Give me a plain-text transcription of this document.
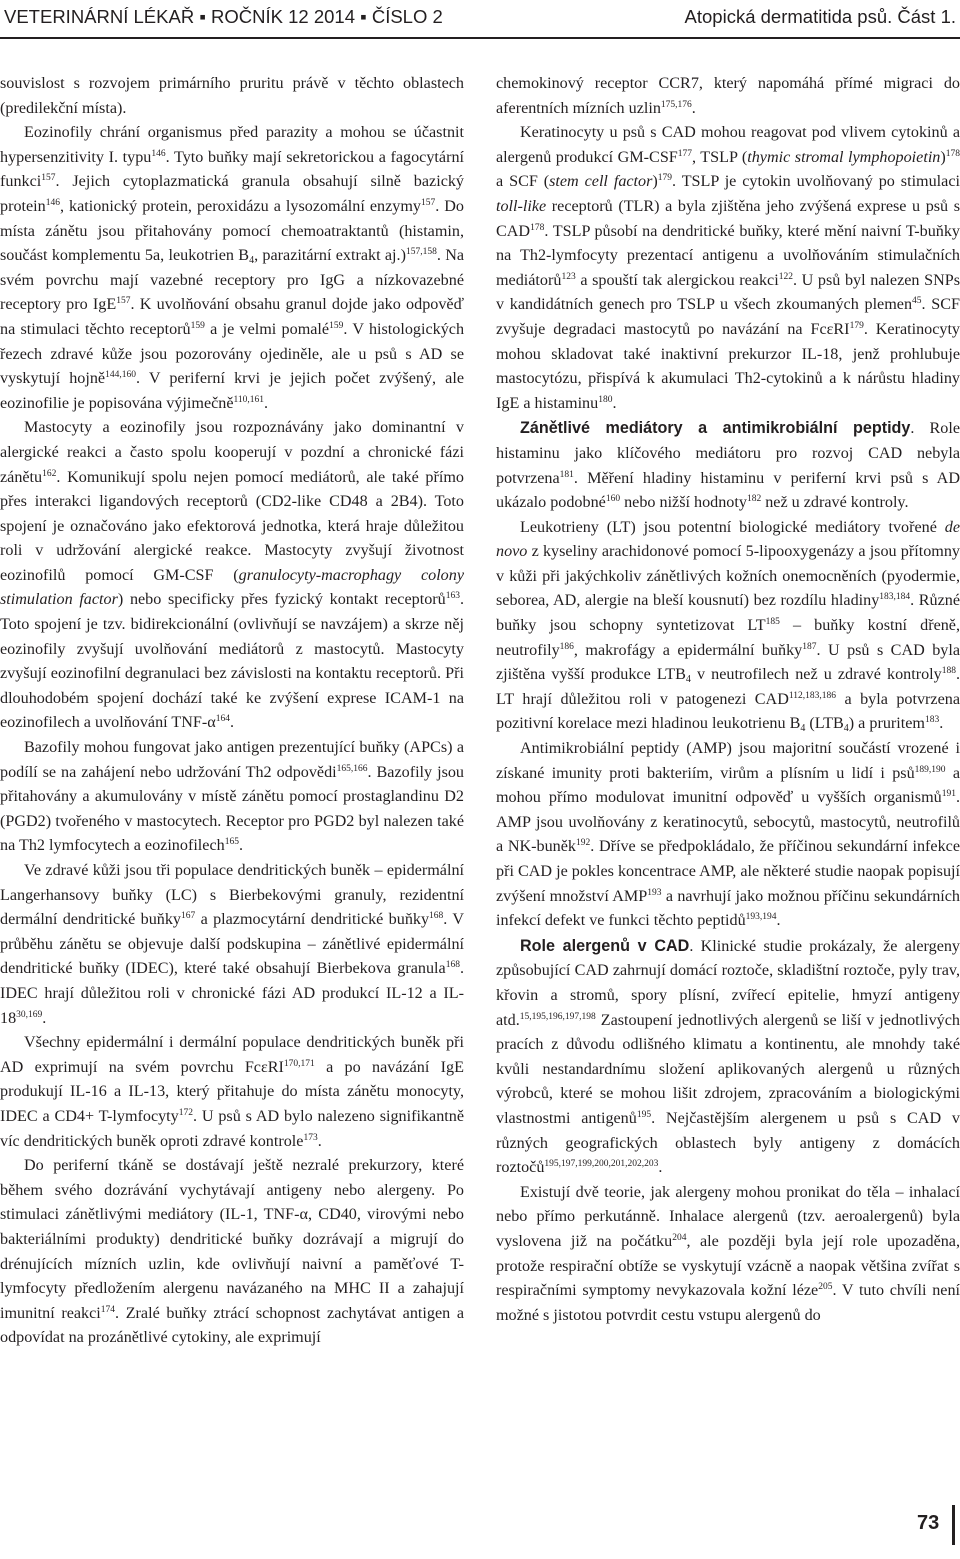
VETERINÁRNÍ LÉKAŘ ▪ ROČNÍK 12 2014 ▪ ČÍSLO 2	Atopická dermatitida psů. Část 1.

souvislost s rozvojem primárního pruritu právě v těchto oblastech (predilekční místa).

Eozinofily chrání organismus před parazity a mohou se účastnit hypersenzitivity I. typu$^{146}$. Tyto buňky mají sekretorickou a fagocytární funkci$^{157}$. Jejich cytoplazmatická granula obsahují silně bazický protein$^{146}$, kationický protein, peroxidázu a lysozomální enzymy$^{157}$. Do místa zánětu jsou přitahovány pomocí chemoatraktantů (histamin, součást komplementu 5a, leukotrien $B_4$, parazitární extrakt aj.)$^{157,158}$. Na svém povrchu mají vazebné receptory pro IgG a nízkovazebné receptory pro IgE$^{157}$. K uvolňování obsahu granul dojde jako odpověď na stimulaci těchto receptorů$^{159}$ a je velmi pomalé$^{159}$. V histologických řezech zdravé kůže jsou pozorovány ojediněle, ale u psů s AD se vyskytují hojně$^{144,160}$. V periferní krvi je jejich počet zvýšený, ale eozinofilie je popisována výjimečně$^{110,161}$.

Mastocyty a eozinofily jsou rozpoznávány jako dominantní v alergické reakci a často spolu kooperují v pozdní a chronické fázi zánětu$^{162}$. Komunikují spolu nejen pomocí mediátorů, ale také přímo přes interakci ligandových receptorů (CD2-like CD48 a 2B4). Toto spojení je označováno jako efektorová jednotka, která hraje důležitou roli v udržování alergické reakce. Mastocyty zvyšují životnost eozinofilů pomocí GM-CSF (granulocyty-macrophagy colony stimulation factor) nebo specificky přes fyzický kontakt receptorů$^{163}$. Toto spojení je tzv. bidirekcionální (ovlivňují se navzájem) a skrze něj eozinofily zvyšují uvolňování mediátorů z mastocytů. Mastocyty zvyšují eozinofilní degranulaci bez závislosti na kontaktu receptorů. Při dlouhodobém spojení dochází také ke zvýšení exprese ICAM-1 na eozinofilech a uvolňování TNF-$\alpha^{164}$.

Bazofily mohou fungovat jako antigen prezentující buňky (APCs) a podílí se na zahájení nebo udržování Th2 odpovědi$^{165,166}$. Bazofily jsou přitahovány a akumulovány v místě zánětu pomocí prostaglandinu D2 (PGD2) tvořeného v mastocytech. Receptor pro PGD2 byl nalezen také na Th2 lymfocytech a eozinofilech$^{165}$.

Ve zdravé kůži jsou tři populace dendritických buněk – epidermální Langerhansovy buňky (LC) s Bierbekovými granuly, rezidentní dermální dendritické buňky$^{167}$ a plazmocytární dendritické buňky$^{168}$. V průběhu zánětu se objevuje další podskupina – zánětlivé epidermální dendritické buňky (IDEC), které také obsahují Bierbekova granula$^{168}$. IDEC hrají důležitou roli v chronické fázi AD produkcí IL-12 a IL-18$^{30,169}$.

Všechny epidermální i dermální populace dendritických buněk při AD exprimují na svém povrchu FcεRI$^{170,171}$ a po navázání IgE produkují IL-16 a IL-13, který přitahuje do místa zánětu monocyty, IDEC a CD4+ T-lymfocyty$^{172}$. U psů s AD bylo nalezeno signifikantně víc dendritických buněk oproti zdravé kontrole$^{173}$.

Do periferní tkáně se dostávají ještě nezralé prekurzory, které během svého dozrávání vychytávají antigeny nebo alergeny. Po stimulaci zánětlivými mediátory (IL-1, TNF-α, CD40, virovými nebo bakteriálními produkty) dendritické buňky dozrávají a migrují do drénujících mízních uzlin, kde ovlivňují naivní a paměťové T-lymfocyty předložením alergenu navázaného na MHC II a zahajují imunitní reakci$^{174}$. Zralé buňky ztrácí schopnost zachytávat antigen a odpovídat na prozánětlivé cytokiny, ale exprimují

chemokinový receptor CCR7, který napomáhá přímé migraci do aferentních mízních uzlin$^{175,176}$.

Keratinocyty u psů s CAD mohou reagovat pod vlivem cytokinů a alergenů produkcí GM-CSF$^{177}$, TSLP (thymic stromal lymphopoietin)$^{178}$ a SCF (stem cell factor)$^{179}$. TSLP je cytokin uvolňovaný po stimulaci toll-like receptorů (TLR) a byla zjištěna jeho zvýšená exprese u psů s CAD$^{178}$. TSLP působí na dendritické buňky, které mění naivní T-buňky na Th2-lymfocyty prezentací antigenu a uvolňováním stimulačních mediátorů$^{123}$ a spouští tak alergickou reakci$^{122}$. U psů byl nalezen SNPs v kandidátních genech pro TSLP u všech zkoumaných plemen$^{45}$. SCF zvyšuje degradaci mastocytů po navázání na FcεRI$^{179}$. Keratinocyty mohou skladovat také inaktivní prekurzor IL-18, jenž prohlubuje mastocytózu, přispívá k akumulaci Th2-cytokinů a k nárůstu hladiny IgE a histaminu$^{180}$.

Zánětlivé mediátory a antimikrobiální peptidy. Role histaminu jako klíčového mediátoru pro rozvoj CAD nebyla potvrzena$^{181}$. Měření hladiny histaminu v periferní krvi psů s AD ukázalo podobné$^{160}$ nebo nižší hodnoty$^{182}$ než u zdravé kontroly.

Leukotrieny (LT) jsou potentní biologické mediátory tvořené de novo z kyseliny arachidonové pomocí 5-lipooxygenázy a jsou přítomny v kůži při jakýchkoliv zánětlivých kožních onemocněních (pyodermie, seborea, AD, alergie na bleší kousnutí) bez rozdílu hladiny$^{183,184}$. Různé buňky jsou schopny syntetizovat LT$^{185}$ – buňky kostní dřeně, neutrofily$^{186}$, makrofágy a epidermální buňky$^{187}$. U psů s CAD byla zjištěna vyšší produkce $LTB_4$ v neutrofilech než u zdravé kontroly$^{188}$. LT hrají důležitou roli v patogenezi CAD$^{112,183,186}$ a byla potvrzena pozitivní korelace mezi hladinou leukotrienu $B_4$ $(LTB_4)$ a pruritem$^{183}$.

Antimikrobiální peptidy (AMP) jsou majoritní součástí vrozené i získané imunity proti bakteriím, virům a plísním u lidí i psů$^{189,190}$ a mohou přímo modulovat imunitní odpověď u vyšších organismů$^{191}$. AMP jsou uvolňovány z keratinocytů, sebocytů, mastocytů, neutrofilů a NK-buněk$^{192}$. Dříve se předpokládalo, že příčinou sekundární infekce při CAD je pokles koncentrace AMP, ale některé studie naopak popisují zvýšení množství AMP$^{193}$ a navrhují jako možnou příčinu sekundárních infekcí defekt ve funkci těchto peptidů$^{193,194}$.

Role alergenů v CAD. Klinické studie prokázaly, že alergeny způsobující CAD zahrnují domácí roztoče, skladištní roztoče, pyly trav, křovin a stromů, spory plísní, zvířecí epitelie, hmyzí antigeny atd.$^{15,195,196,197,198}$ Zastoupení jednotlivých alergenů se liší v jednotlivých pracích z důvodu odlišného klimatu a kontinentu, ale mnohdy také kvůli nestandardnímu složení aplikovaných alergenů u různých výrobců, které se mohou lišit zdrojem, zpracováním a biologickými vlastnostmi antigenů$^{195}$. Nejčastějším alergenem u psů s CAD v různých geografických oblastech byly antigeny z domácích roztočů$^{195,197,199,200,201,202,203}$.

Existují dvě teorie, jak alergeny mohou pronikat do těla – inhalací nebo přímo perkutánně. Inhalace alergenů (tzv. aeroalergenů) byla vyslovena již na počátku$^{204}$, ale později byla její role upozaděna, protože respirační obtíže se vyskytují vzácně a naopak většina zvířat s respiračními symptomy nevykazovala kožní léze$^{205}$. V tuto chvíli není možné s jistotou potvrdit cestu vstupu alergenů do

73
